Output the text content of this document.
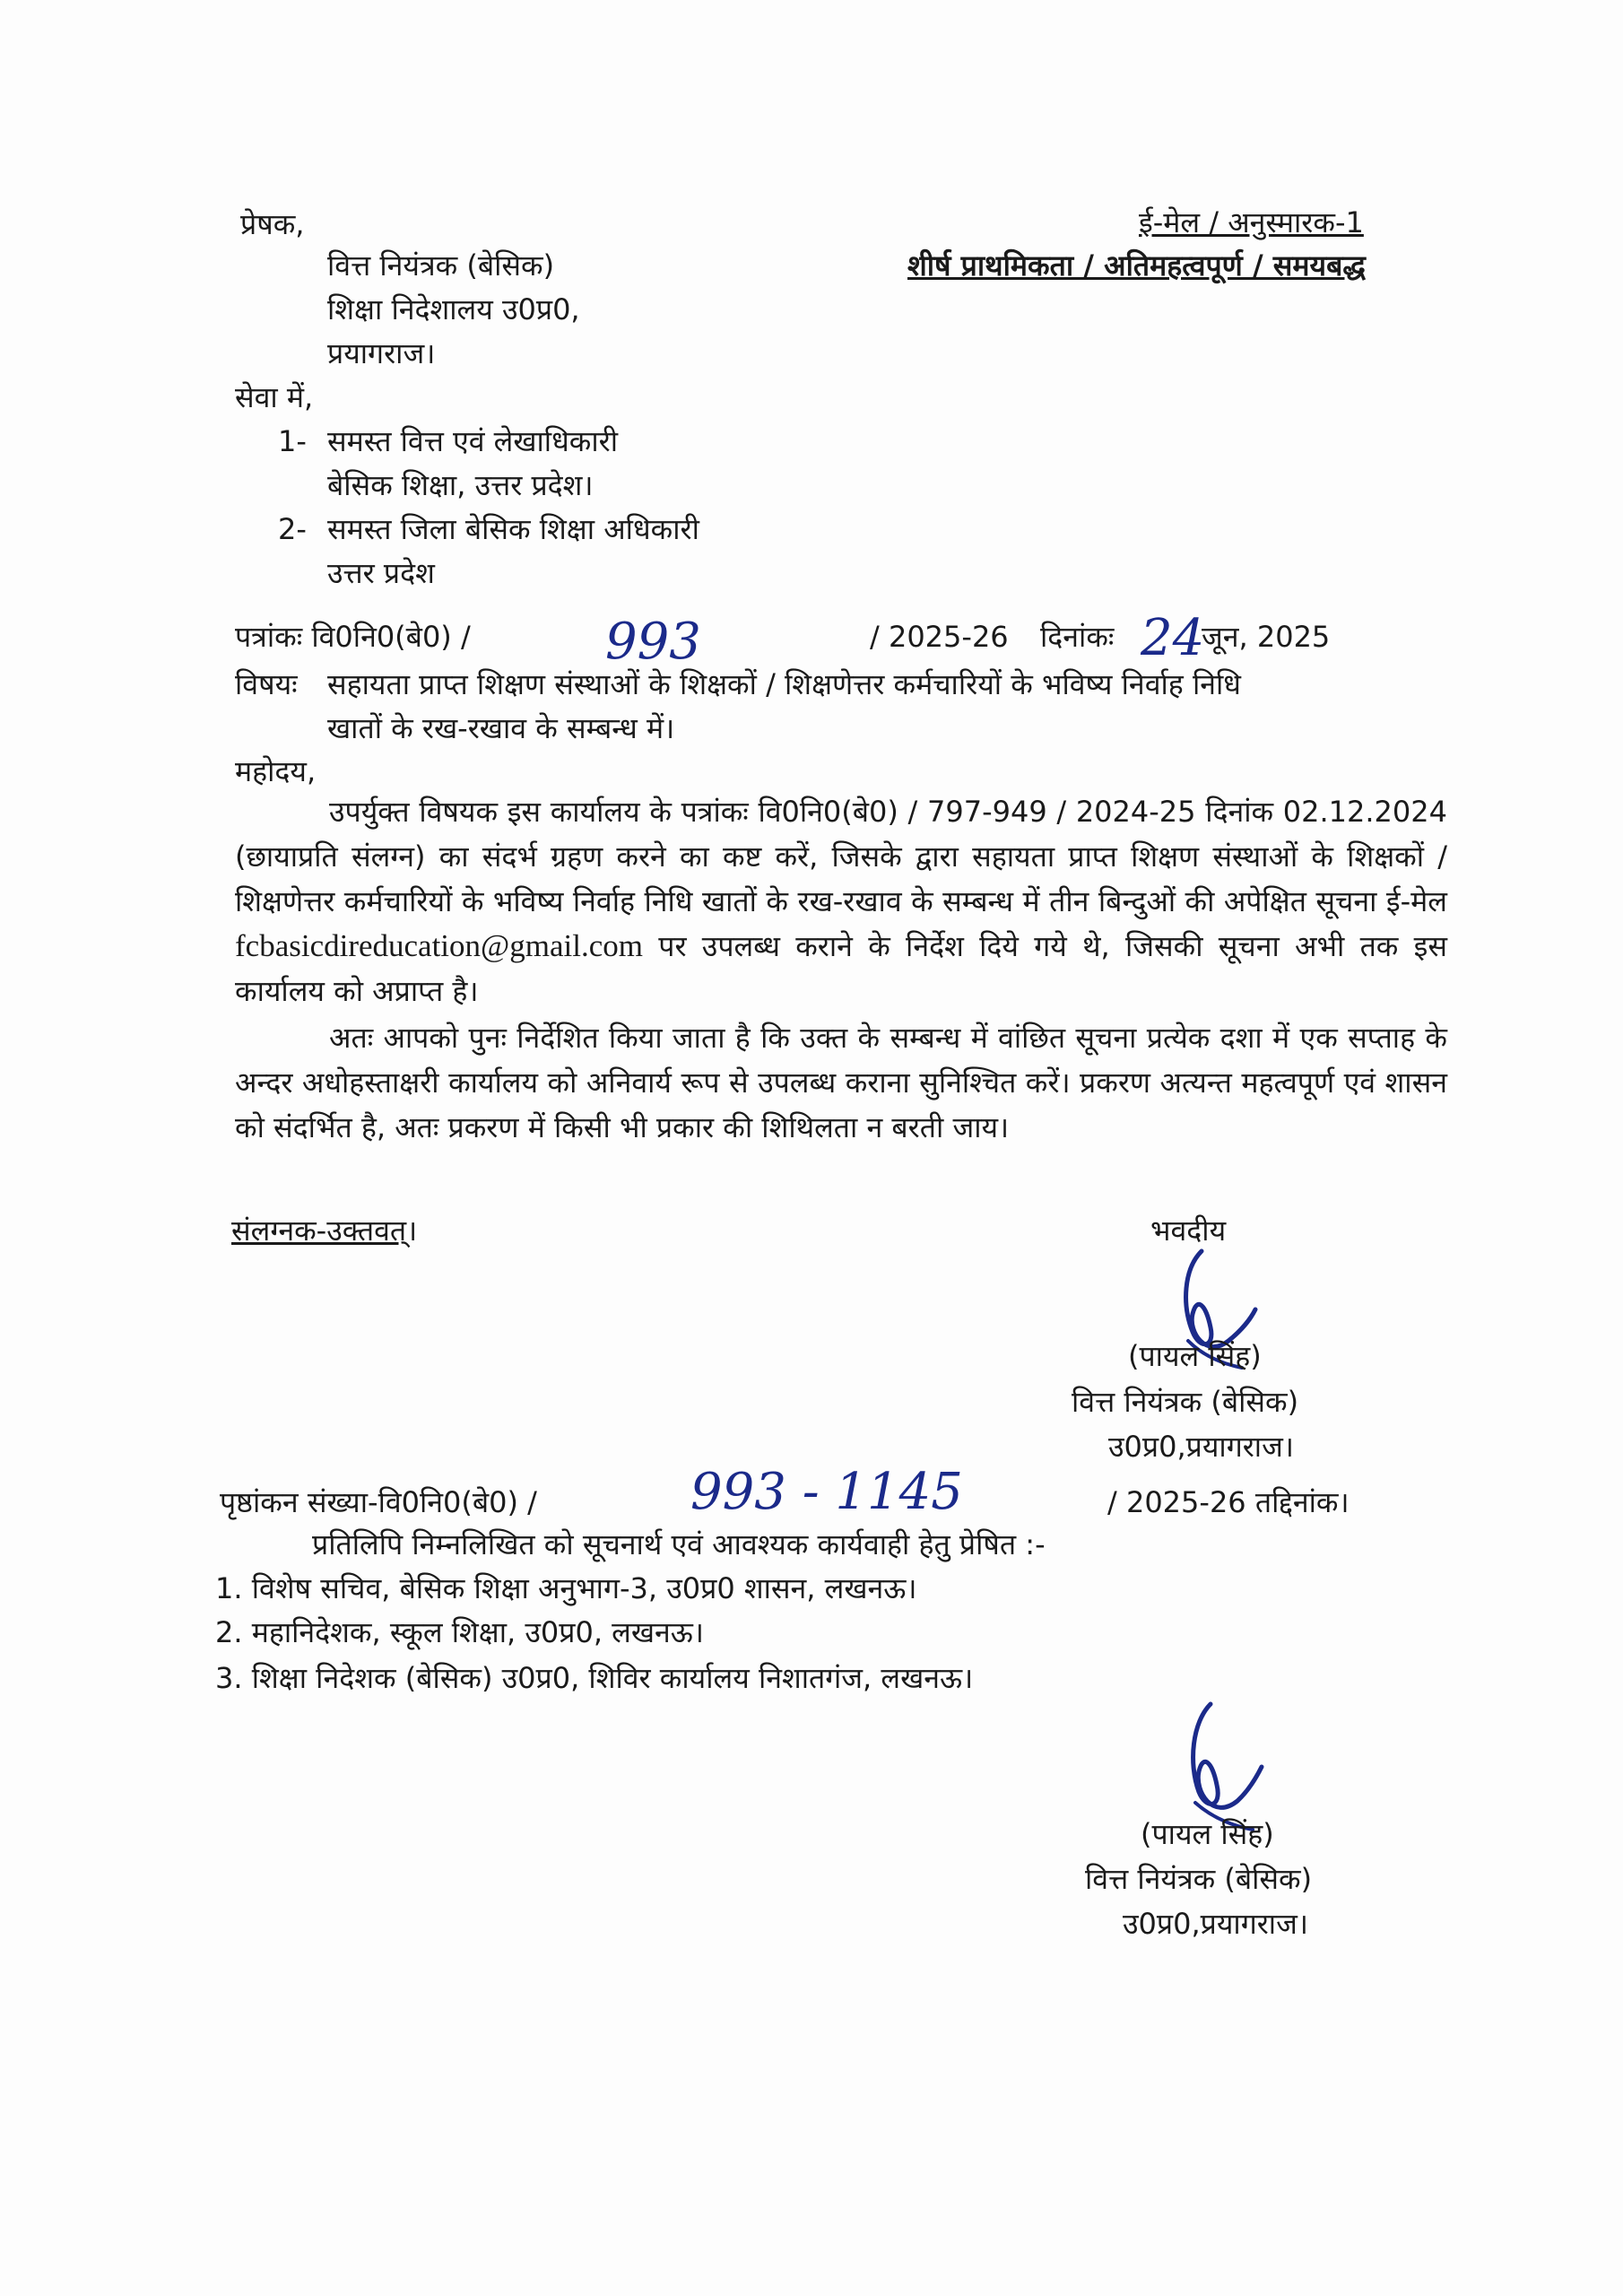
ई-मेल / अनुस्मारक-1
शीर्ष प्राथमिकता / अतिमहत्वपूर्ण / समयबद्ध
प्रेषक,
वित्त नियंत्रक (बेसिक)
शिक्षा निदेशालय उ0प्र0,
प्रयागराज।
सेवा में,
1- समस्त वित्त एवं लेखाधिकारी
बेसिक शिक्षा, उत्तर प्रदेश।
2- समस्त जिला बेसिक शिक्षा अधिकारी
उत्तर प्रदेश
पत्रांकः वि0नि0(बे0) /	993	/ 2025-26 दिनांकः 24
जून, 2025
विषयः सहायता प्राप्त शिक्षण संस्थाओं के शिक्षकों / शिक्षणेत्तर कर्मचारियों के भविष्य निर्वाह निधि
खातों के रख-रखाव के सम्बन्ध में।
महोदय,
उपर्युक्त विषयक इस कार्यालय के पत्रांकः वि0नि0(बे0) / 797-949 / 2024-25 दिनांक 02.12.2024 (छायाप्रति संलग्न) का संदर्भ ग्रहण करने का कष्ट करें, जिसके द्वारा सहायता प्राप्त शिक्षण संस्थाओं के शिक्षकों / शिक्षणेत्तर कर्मचारियों के भविष्य निर्वाह निधि खातों के रख-रखाव के सम्बन्ध में तीन बिन्दुओं की अपेक्षित सूचना ई-मेल fcbasicdireducation@gmail.com पर उपलब्ध कराने के निर्देश दिये गये थे, जिसकी सूचना अभी तक इस कार्यालय को अप्राप्त है।
अतः आपको पुनः निर्देशित किया जाता है कि उक्त के सम्बन्ध में वांछित सूचना प्रत्येक दशा में एक सप्ताह के अन्दर अधोहस्ताक्षरी कार्यालय को अनिवार्य रूप से उपलब्ध कराना सुनिश्चित करें। प्रकरण अत्यन्त महत्वपूर्ण एवं शासन को संदर्भित है, अतः प्रकरण में किसी भी प्रकार की शिथिलता न बरती जाय।
संलग्नक-उक्तवत्।	भवदीय
(पायल सिंह)
वित्त नियंत्रक (बेसिक)
उ0प्र0,प्रयागराज।
पृष्ठांकन संख्या-वि0नि0(बे0) /	993 - 1145	/ 2025-26 तद्दिनांक।
प्रतिलिपि निम्नलिखित को सूचनार्थ एवं आवश्यक कार्यवाही हेतु प्रेषित :-
1. विशेष सचिव, बेसिक शिक्षा अनुभाग-3, उ0प्र0 शासन, लखनऊ।
2. महानिदेशक, स्कूल शिक्षा, उ0प्र0, लखनऊ।
3. शिक्षा निदेशक (बेसिक) उ0प्र0, शिविर कार्यालय निशातगंज, लखनऊ।
(पायल सिंह)
वित्त नियंत्रक (बेसिक)
उ0प्र0,प्रयागराज।
